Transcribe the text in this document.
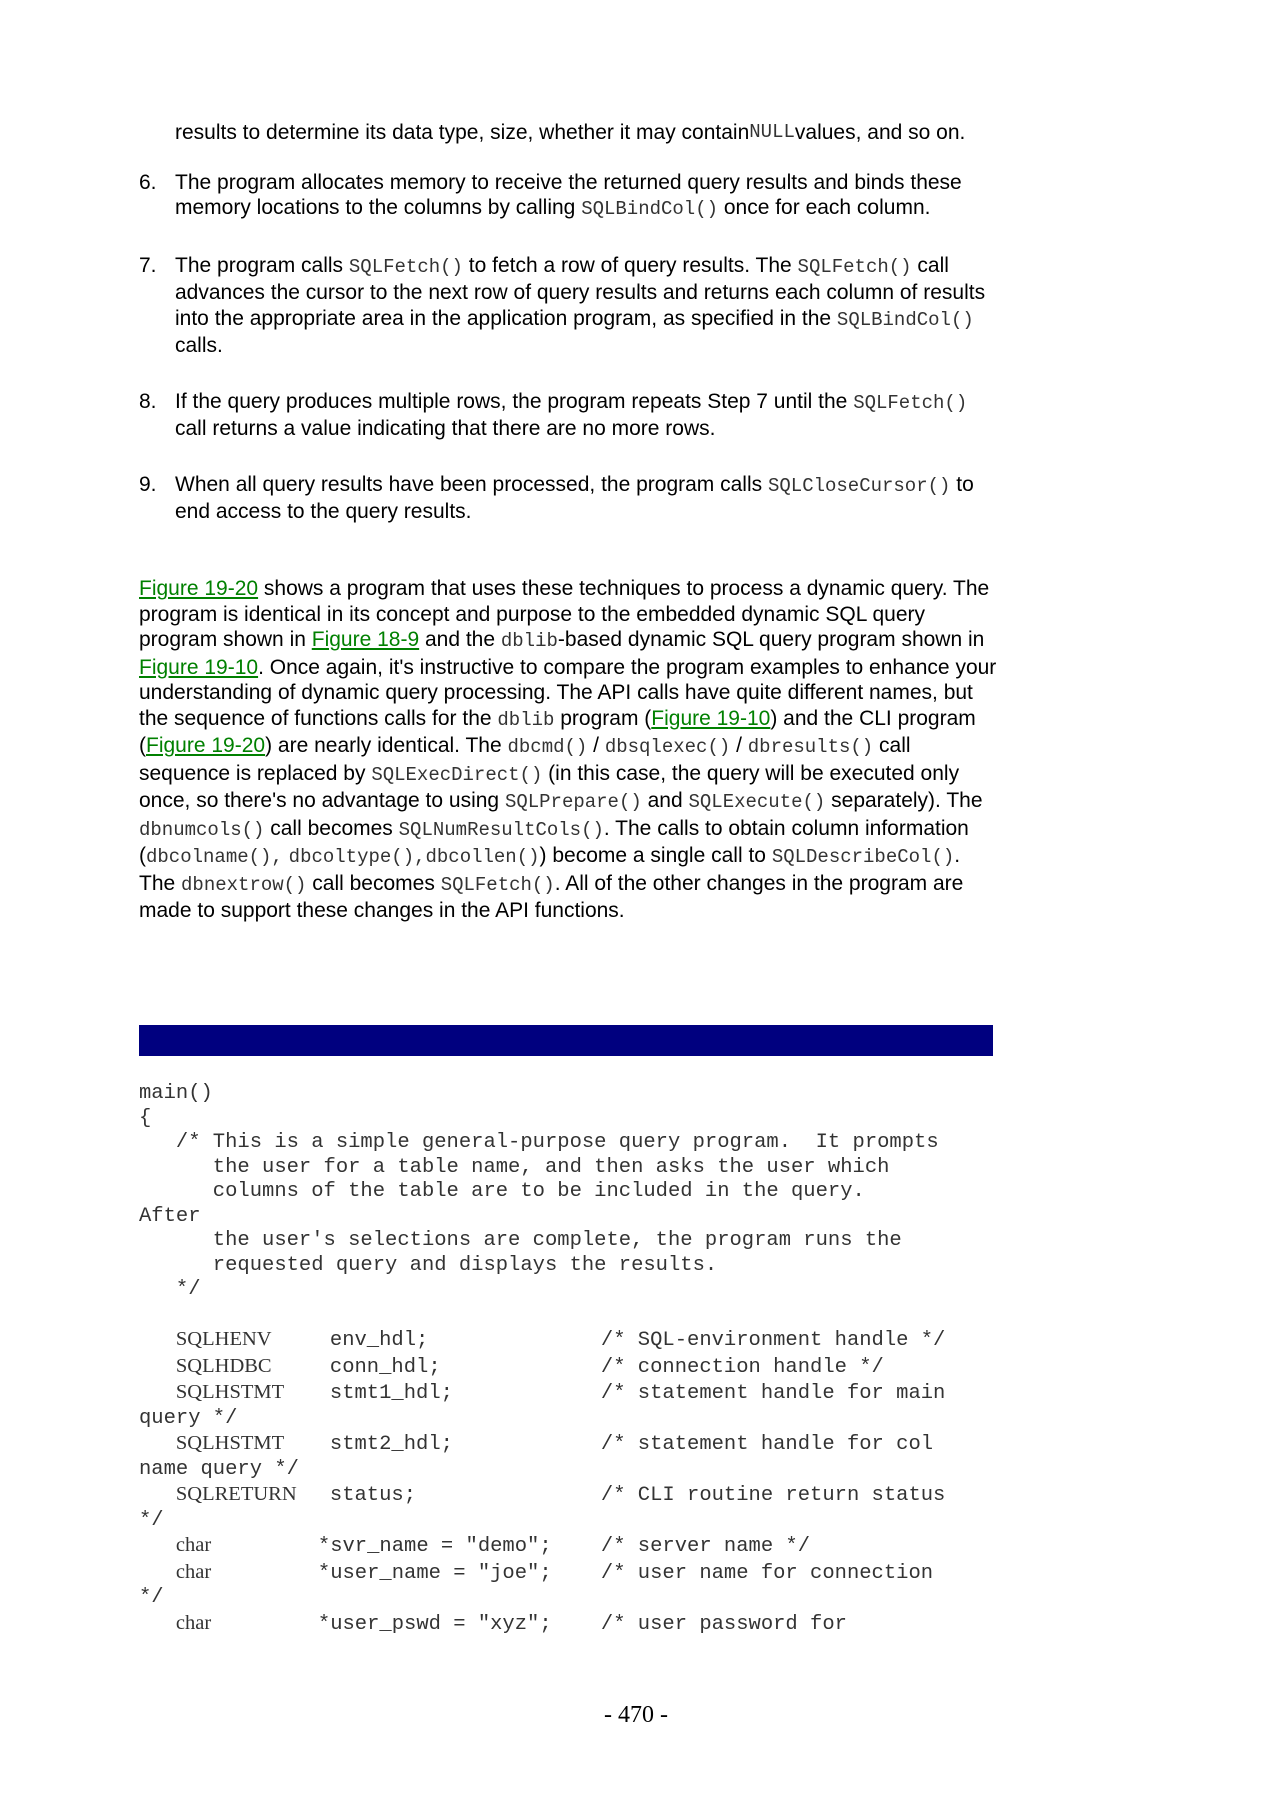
results to determine its data type, size, whether it may contain NULL values, and so on.
6. The program allocates memory to receive the returned query results and binds these memory locations to the columns by calling SQLBindCol() once for each column.
7. The program calls SQLFetch() to fetch a row of query results. The SQLFetch() call advances the cursor to the next row of query results and returns each column of results into the appropriate area in the application program, as specified in the SQLBindCol() calls.
8. If the query produces multiple rows, the program repeats Step 7 until the SQLFetch() call returns a value indicating that there are no more rows.
9. When all query results have been processed, the program calls SQLCloseCursor() to end access to the query results.
Figure 19-20 shows a program that uses these techniques to process a dynamic query. The program is identical in its concept and purpose to the embedded dynamic SQL query program shown in Figure 18-9 and the dblib-based dynamic SQL query program shown in Figure 19-10. Once again, it's instructive to compare the program examples to enhance your understanding of dynamic query processing. The API calls have quite different names, but the sequence of functions calls for the dblib program (Figure 19-10) and the CLI program (Figure 19-20) are nearly identical. The dbcmd() / dbsqlexec() / dbresults() call sequence is replaced by SQLExecDirect() (in this case, the query will be executed only once, so there's no advantage to using SQLPrepare() and SQLExecute() separately). The dbnumcols() call becomes SQLNumResultCols(). The calls to obtain column information (dbcolname(), dbcoltype(),dbcollen()) become a single call to SQLDescribeCol(). The dbnextrow() call becomes SQLFetch(). All of the other changes in the program are made to support these changes in the API functions.
main()
{
/* This is a simple general-purpose query program.  It prompts
the user for a table name, and then asks the user which
columns of the table are to be included in the query.
After
the user's selections are complete, the program runs the
requested query and displays the results.
*/

SQLHENV	env_hdl;	/* SQL-environment handle */
SQLHDBC	conn_hdl;	/* connection handle */
SQLHSTMT stmt1_hdl;	/* statement handle for main
query */
SQLHSTMT stmt2_hdl;	/* statement handle for col
name query */
SQLRETURN status;	/* CLI routine return status
*/
char	*svr_name = "demo"; /* server name */
char	*user_name = "joe"; /* user name for connection
*/
char	*user_pswd = "xyz"; /* user password for
- 470 -
